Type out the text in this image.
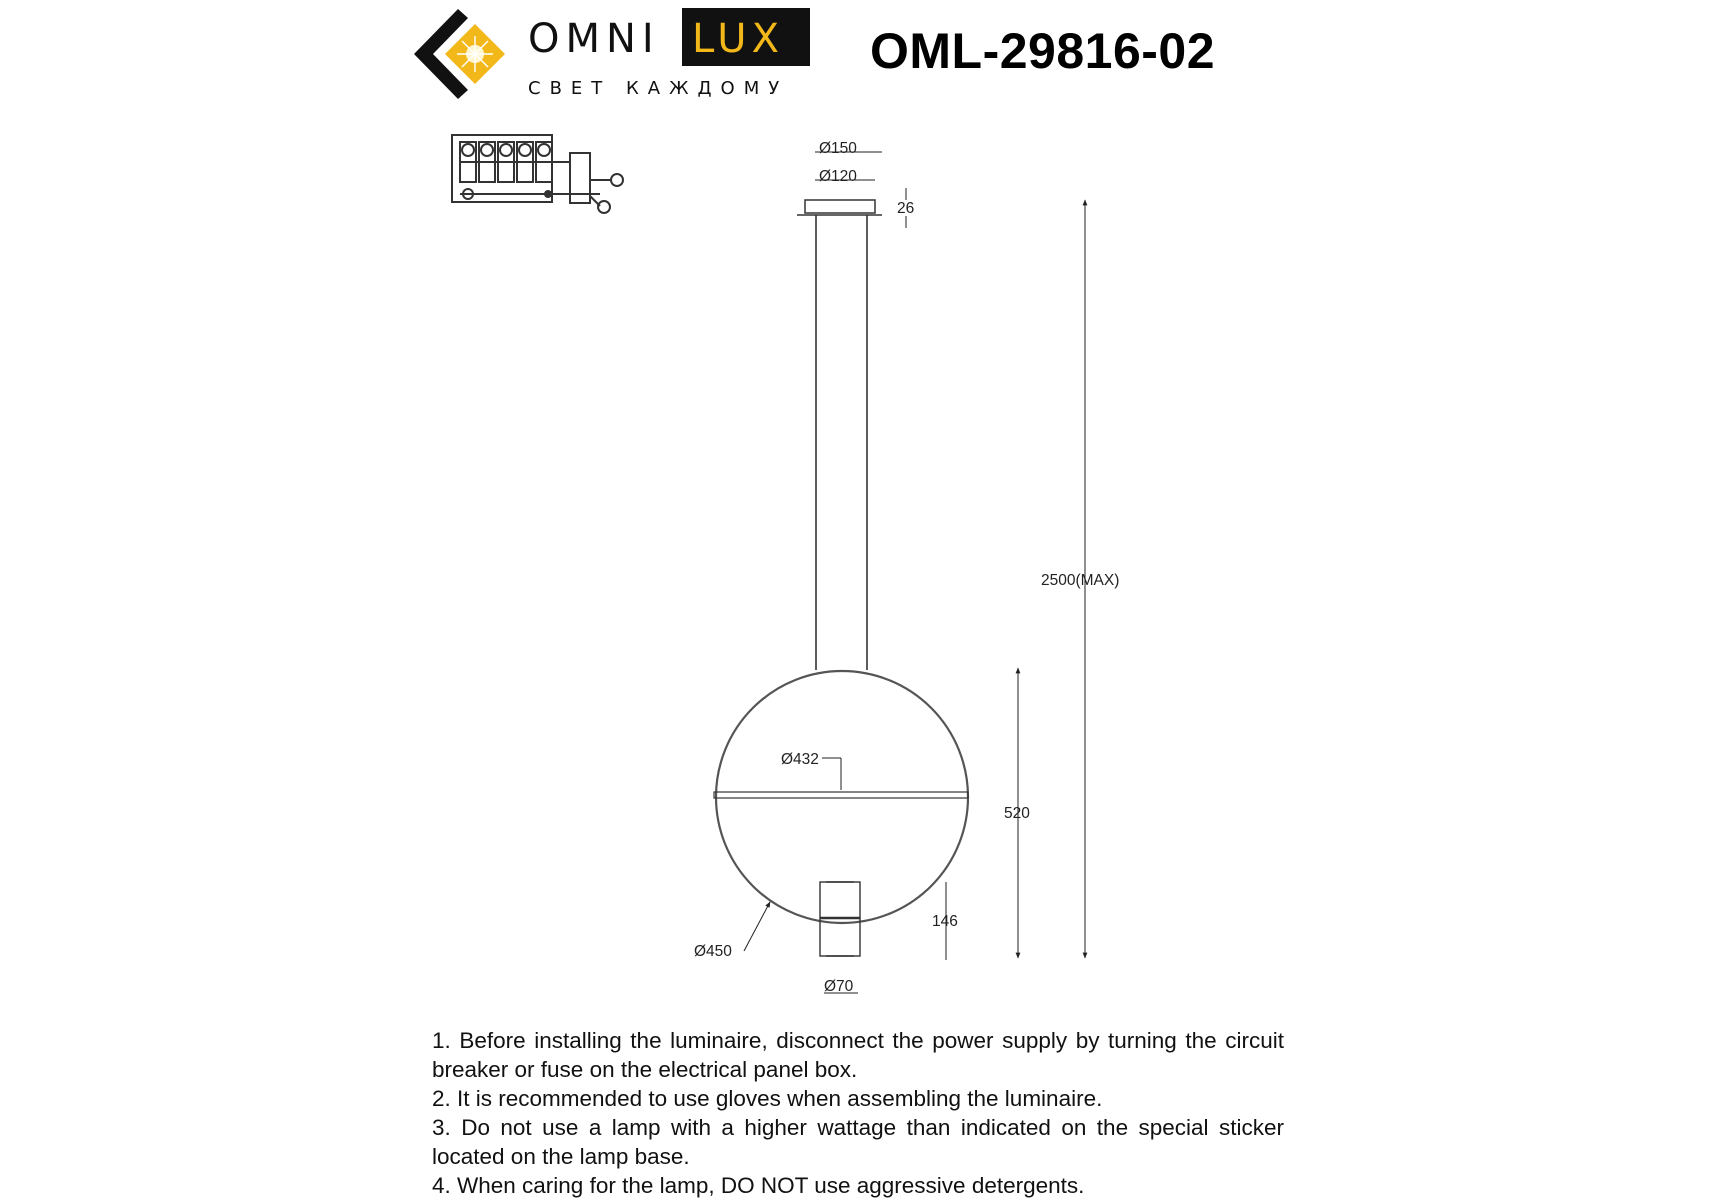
OMNI LUX
СВЕТ КАЖДОМУ
OML-29816-02
Ø150
Ø120
26
Ø432
Ø450
Ø70
146
520
2500(MAX)

1. Before installing the luminaire, disconnect the power supply by turning the circuit breaker or fuse on the electrical panel box.

2. It is recommended to use gloves when assembling the luminaire.

3. Do not use a lamp with a higher wattage than indicated on the special sticker located on the lamp base.

4. When caring for the lamp, DO NOT use aggressive detergents.
